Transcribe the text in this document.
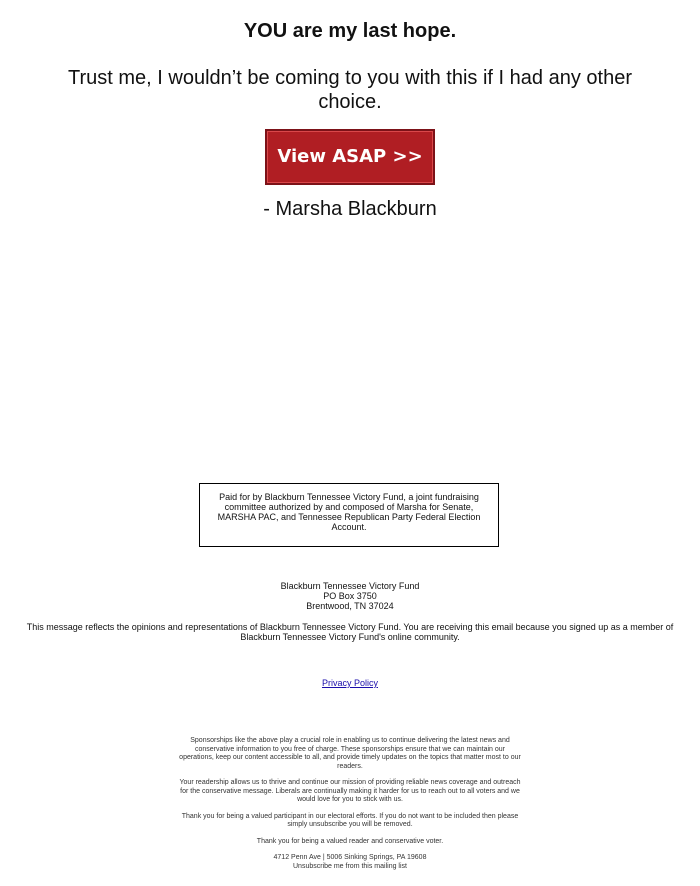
YOU are my last hope.
Trust me, I wouldn’t be coming to you with this if I had any other choice.
View ASAP >>
- Marsha Blackburn
Paid for by Blackburn Tennessee Victory Fund, a joint fundraising committee authorized by and composed of Marsha for Senate, MARSHA PAC, and Tennessee Republican Party Federal Election Account.
Blackburn Tennessee Victory Fund
PO Box 3750
Brentwood, TN 37024
This message reflects the opinions and representations of Blackburn Tennessee Victory Fund. You are receiving this email because you signed up as a member of Blackburn Tennessee Victory Fund's online community.
Privacy Policy

Sponsorships like the above play a crucial role in enabling us to continue delivering the latest news and conservative information to you free of charge. These sponsorships ensure that we can maintain our operations, keep our content accessible to all, and provide timely updates on the topics that matter most to our readers.

Your readership allows us to thrive and continue our mission of providing reliable news coverage and outreach for the conservative message. Liberals are continually making it harder for us to reach out to all voters and we would love for you to stick with us.

Thank you for being a valued participant in our electoral efforts. If you do not want to be included then please simply unsubscribe you will be removed.

Thank you for being a valued reader and conservative voter.

4712 Penn Ave | 5006 Sinking Springs, PA 19608

Unsubscribe me from this mailing list
